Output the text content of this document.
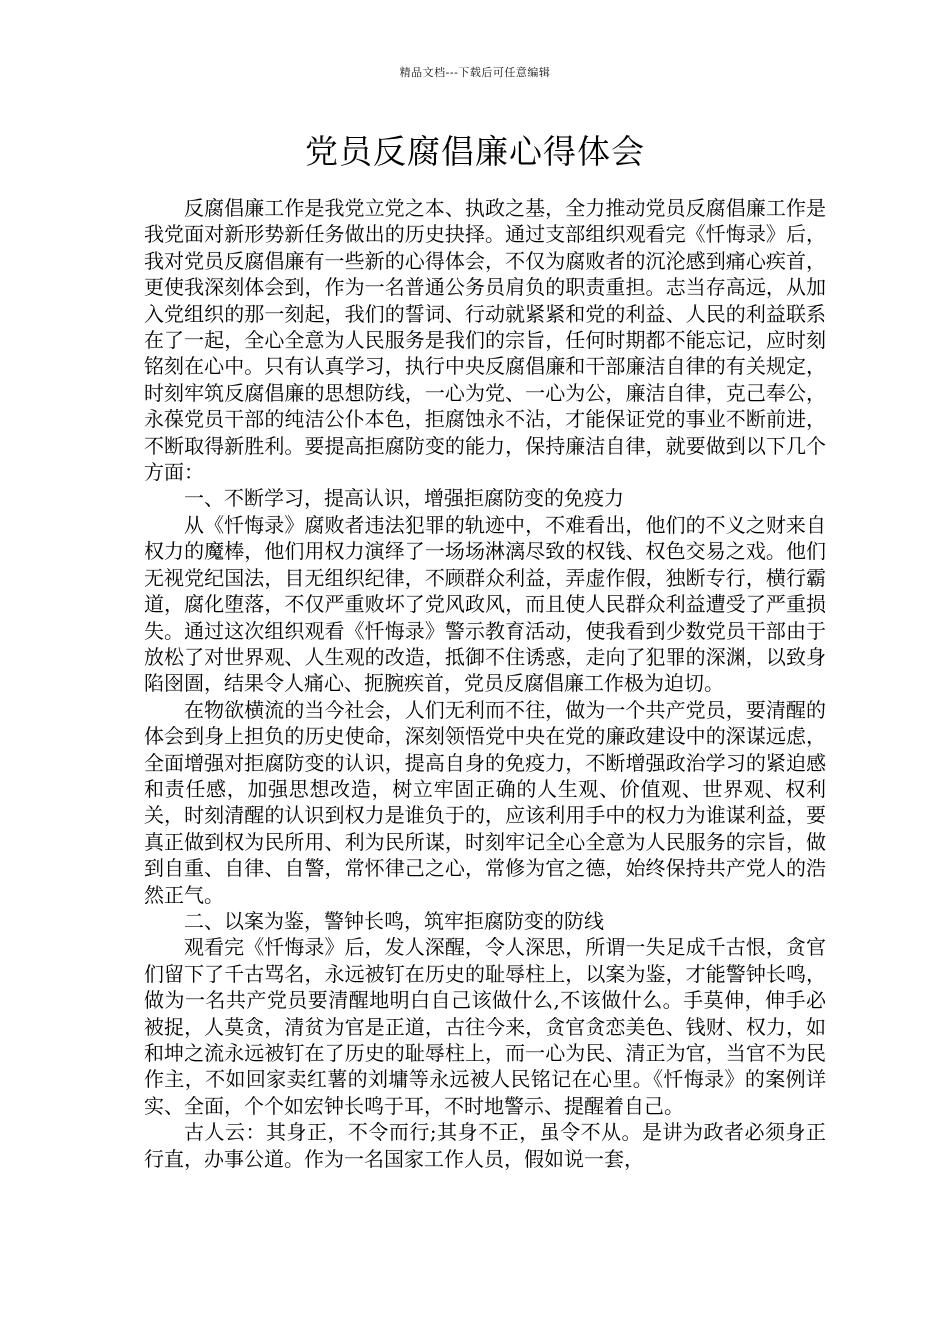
精品文档---下载后可任意编辑
党员反腐倡廉心得体会

反腐倡廉工作是我党立党之本、执政之基，全力推动党员反腐倡廉工作是我党面对新形势新任务做出的历史抉择。通过支部组织观看完《忏悔录》后，我对党员反腐倡廉有一些新的心得体会，不仅为腐败者的沉沦感到痛心疾首，更使我深刻体会到，作为一名普通公务员肩负的职责重担。志当存高远，从加入党组织的那一刻起，我们的誓词、行动就紧紧和党的利益、人民的利益联系在了一起，全心全意为人民服务是我们的宗旨，任何时期都不能忘记，应时刻铭刻在心中。只有认真学习，执行中央反腐倡廉和干部廉洁自律的有关规定，时刻牢筑反腐倡廉的思想防线，一心为党、一心为公，廉洁自律，克己奉公，永葆党员干部的纯洁公仆本色，拒腐蚀永不沾，才能保证党的事业不断前进，不断取得新胜利。要提高拒腐防变的能力，保持廉洁自律，就要做到以下几个方面：

一、不断学习，提高认识，增强拒腐防变的免疫力

从《忏悔录》腐败者违法犯罪的轨迹中，不难看出，他们的不义之财来自权力的魔棒，他们用权力演绎了一场场淋漓尽致的权钱、权色交易之戏。他们无视党纪国法，目无组织纪律，不顾群众利益，弄虚作假，独断专行，横行霸道，腐化堕落，不仅严重败坏了党风政风，而且使人民群众利益遭受了严重损失。通过这次组织观看《忏悔录》警示教育活动，使我看到少数党员干部由于放松了对世界观、人生观的改造，抵御不住诱惑，走向了犯罪的深渊，以致身陷囹圄，结果令人痛心、扼腕疾首，党员反腐倡廉工作极为迫切。

在物欲横流的当今社会，人们无利而不往，做为一个共产党员，要清醒的体会到身上担负的历史使命，深刻领悟党中央在党的廉政建设中的深谋远虑，全面增强对拒腐防变的认识，提高自身的免疫力，不断增强政治学习的紧迫感和责任感，加强思想改造，树立牢固正确的人生观、价值观、世界观、权利关，时刻清醒的认识到权力是谁负于的，应该利用手中的权力为谁谋利益，要真正做到权为民所用、利为民所谋，时刻牢记全心全意为人民服务的宗旨，做到自重、自律、自警，常怀律己之心，常修为官之德，始终保持共产党人的浩然正气。

二、以案为鉴，警钟长鸣，筑牢拒腐防变的防线

观看完《忏悔录》后，发人深醒，令人深思，所谓一失足成千古恨，贪官们留下了千古骂名，永远被钉在历史的耻辱柱上，以案为鉴，才能警钟长鸣，做为一名共产党员要清醒地明白自己该做什么,不该做什么。手莫伸，伸手必被捉，人莫贪，清贫为官是正道，古往今来，贪官贪恋美色、钱财、权力，如和坤之流永远被钉在了历史的耻辱柱上，而一心为民、清正为官，当官不为民作主，不如回家卖红薯的刘墉等永远被人民铭记在心里。《忏悔录》的案例详实、全面，个个如宏钟长鸣于耳，不时地警示、提醒着自己。

古人云：其身正，不令而行;其身不正，虽令不从。是讲为政者必须身正行直，办事公道。作为一名国家工作人员，假如说一套，
